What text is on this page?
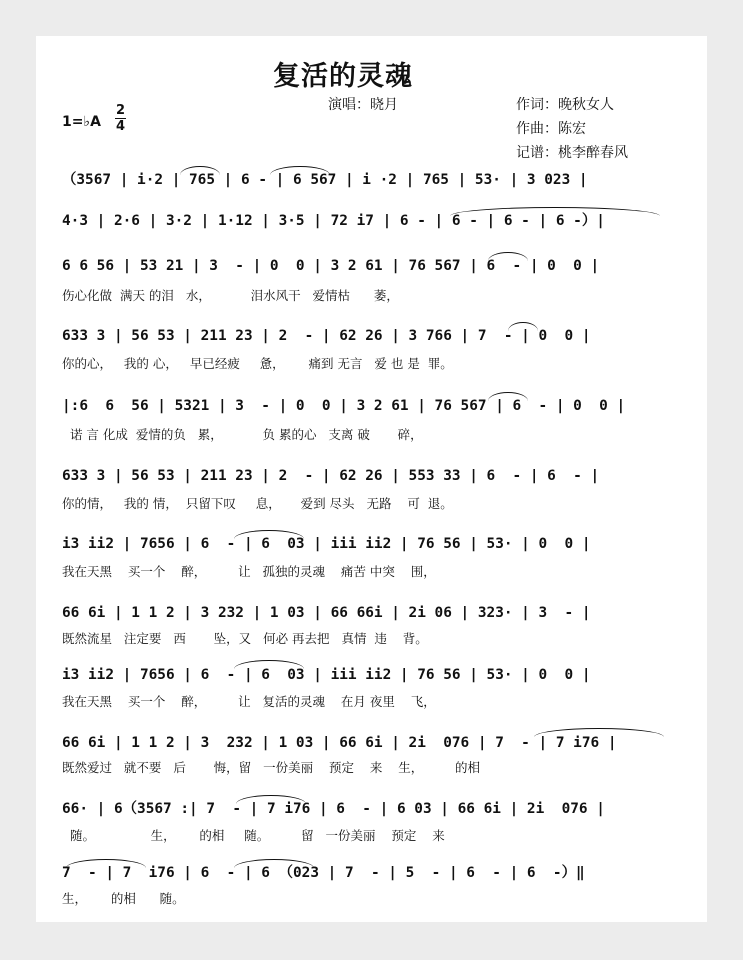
复活的灵魂
演唱：晓月	作词：晚秋女人
作曲：陈宏
记谱：桃李醉春风
1=♭A
2
4
（3567 | i·2 | 765 | 6 - | 6 567 | i ·2 | 765 | 53· | 3 023 |
4·3 | 2·6 | 3·2 | 1·12 | 3·5 | 72 i7 | 6 - | 6 - | 6 - | 6 -）|
6 6 56 | 53 21 | 3  - | 0  0 | 3 2 61 | 76 567 | 6  - | 0  0 |
伤心化做  满天 的泪   水，          泪水风干   爱情枯      萎，
633 3 | 56 53 | 211 23 | 2  - | 62 26 | 3 766 | 7  - | 0  0 |
你的心，   我的 心，   早已经疲     惫，      痛到 无言   爱 也 是  罪。
|:6  6  56 | 5321 | 3  - | 0  0 | 3 2 61 | 76 567 | 6  - | 0  0 |
诺 言 化成  爱情的负   累，          负 累的心   支离 破       碎，
633 3 | 56 53 | 211 23 | 2  - | 62 26 | 553 33 | 6  - | 6  - |
你的情，   我的 情，  只留下叹     息，     爱到 尽头   无路    可  退。
i3 ii2 | 7656 | 6  - | 6  03 | iii ii2 | 76 56 | 53· | 0  0 |
我在天黑    买一个    醉，        让   孤独的灵魂    痛苦 中突    围，
66 6i | 1 1 2 | 3 232 | 1 03 | 66 66i | 2i 06 | 323· | 3  - |
既然流星   注定要   西       坠，又   何必 再去把   真情  违    背。
i3 ii2 | 7656 | 6  - | 6  03 | iii ii2 | 76 56 | 53· | 0  0 |
我在天黑    买一个    醉，        让   复活的灵魂    在月 夜里    飞，
66 6i | 1 1 2 | 3  232 | 1 03 | 66 6i | 2i  076 | 7  - | 7 i76 |
既然爱过   就不要   后       悔，留   一份美丽    预定    来    生，        的相
66· | 6（3567 :| 7  - | 7 i76 | 6  - | 6 03 | 66 6i | 2i  076 |
随。              生，      的相     随。        留   一份美丽    预定    来
7  - | 7  i76 | 6  - | 6 （023 | 7  - | 5  - | 6  - | 6  -）‖
生，      的相      随。
